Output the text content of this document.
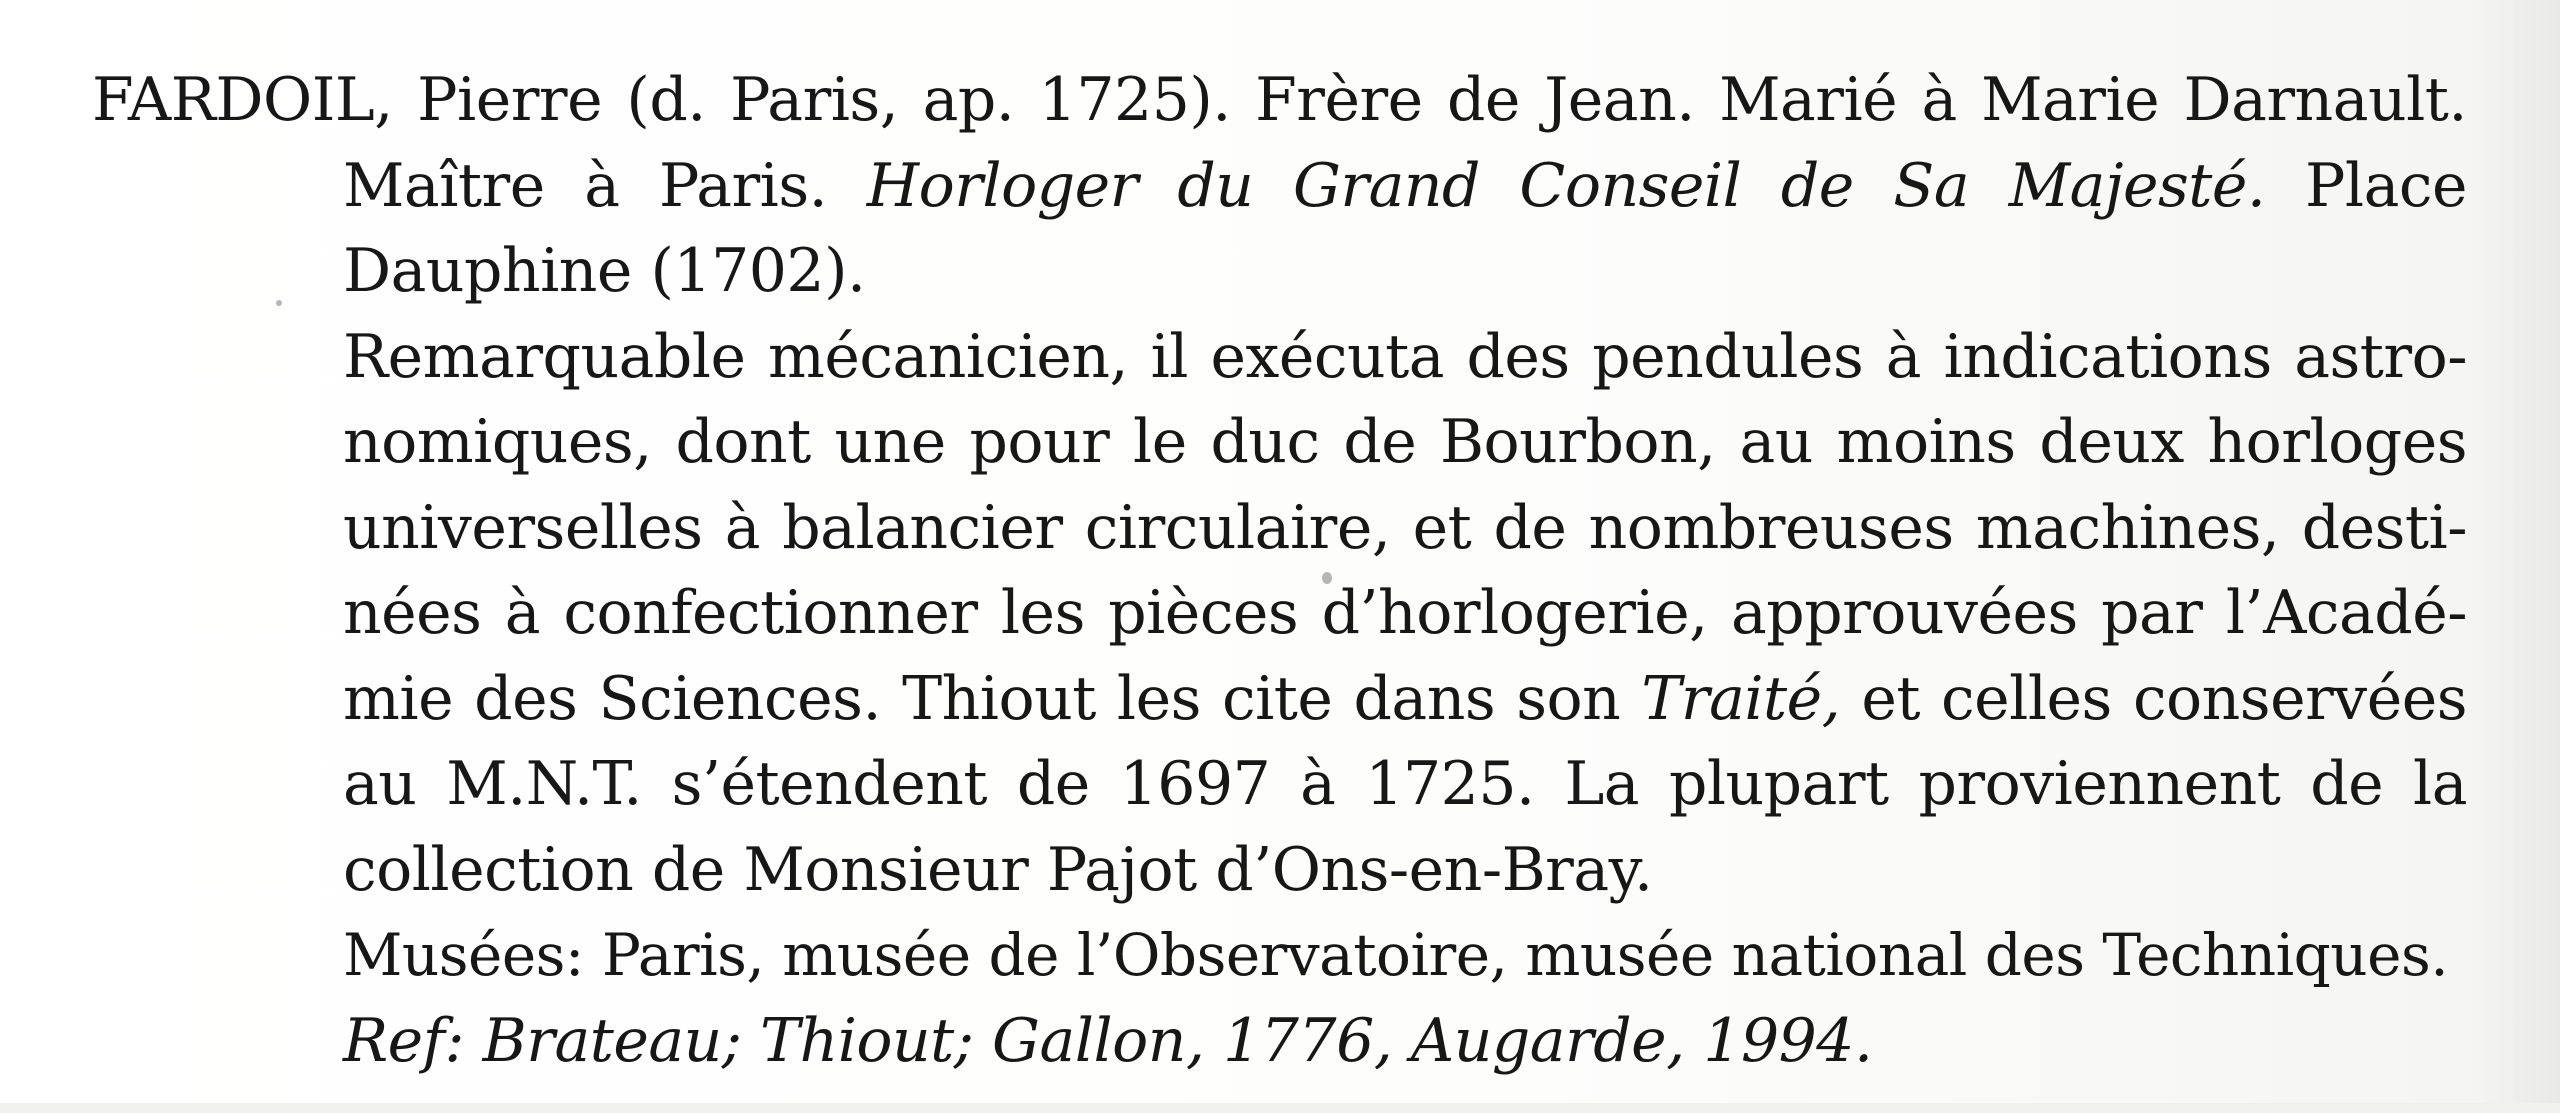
FARDOIL, Pierre (d. Paris, ap. 1725). Frère de Jean. Marié à Marie Darnault.
Maître à Paris. Horloger du Grand Conseil de Sa Majesté. Place
Dauphine (1702).
Remarquable mécanicien, il exécuta des pendules à indications astro-
nomiques, dont une pour le duc de Bourbon, au moins deux horloges
universelles à balancier circulaire, et de nombreuses machines, desti-
nées à confectionner les pièces d’horlogerie, approuvées par l’Acadé-
mie des Sciences. Thiout les cite dans son Traité, et celles conservées
au M.N.T. s’étendent de 1697 à 1725. La plupart proviennent de la
collection de Monsieur Pajot d’Ons-en-Bray.
Musées: Paris, musée de l’Observatoire, musée national des Techniques.
Ref: Brateau; Thiout; Gallon, 1776, Augarde, 1994.
